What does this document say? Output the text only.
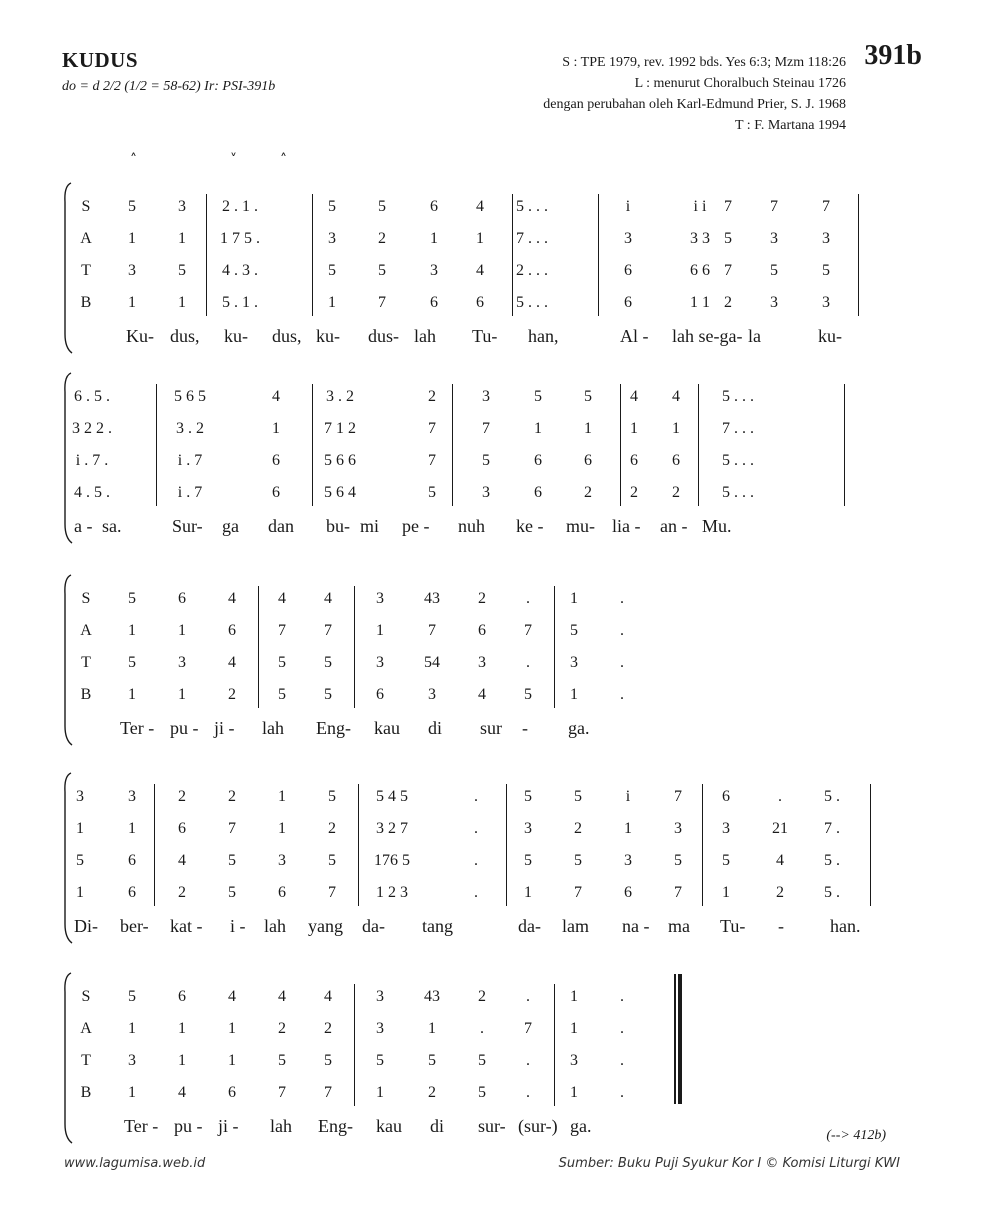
KUDUS
do = d 2/2 (1/2 = 58-62) Ir: PSI-391b
391b
S : TPE 1979, rev. 1992 bds. Yes 6:3; Mzm 118:26
L : menurut Choralbuch Steinau 1726
dengan perubahan oleh Karl-Edmund Prier, S. J. 1968
T : F. Martana 1994
˄	˅	˄
S	5	3	2 . 1 .	5	5	6	4	5 . . .	i	i i	7	7	7
A	1	1	1 7 5 .	3	2	1	1	7 . . .	3	3 3 5	3	3
T	3	5	4 . 3 .	5	5	3	4	2 . . .	6	6 6 7	5	5
B	1	1	5 . 1 .	1	7	6	6	5 . . .	6	1 1 2	3	3
Ku- dus, ku- dus, ku- dus- lah Tu- han,	Al - lah se-ga- la	ku-
6 . 5 .	5 6 5	4	3 . 2	2	3	5	5	4	4	5 . . .
3 2 2 .	3 . 2	1	7 1 2	7	7	1	1	1	1	7 . . .
i . 7 .	i . 7	6	5 6 6	7	5	6	6	6	6	5 . . .
4 . 5 .	i . 7	6	5 6 4	5	3	6	2	2	2	5 . . .
a - sa.	Sur- ga dan bu- mi pe - nuh ke - mu- lia - an - Mu.
S	5	6	4	4	4	3	43	2	.	1	.
A	1	1	6	7	7	1	7	6	7	5	.
T	5	3	4	5	5	3	54	3	.	3	.
B	1	1	2	5	5	6	3	4	5	1	.
Ter - pu - ji - lah Eng- kau di sur - ga.
3	3	2	2	1	5	5 4 5	.	5	5	i	7	6	.	5 .
1	1	6	7	1	2	3 2 7	.	3	2	1	3	3	21	7 .
5	6	4	5	3	5	176 5	.	5	5	3	5	5	4	5 .
1	6	2	5	6	7	1 2 3	.	1	7	6	7	1	2	5 .
Di- ber- kat - i - lah yang da- tang	da- lam na - ma Tu- -	han.
S	5	6	4	4	4	3	43	2	.	1	.
A	1	1	1	2	2	3	1	.	7	1	.
T	3	1	1	5	5	5	5	5	.	3	.
B	1	4	6	7	7	1	2	5	.	1	.
Ter - pu - ji - lah Eng- kau di sur- (sur-) ga.	(--> 412b)
www.lagumisa.web.id	Sumber: Buku Puji Syukur Kor I © Komisi Liturgi KWI
